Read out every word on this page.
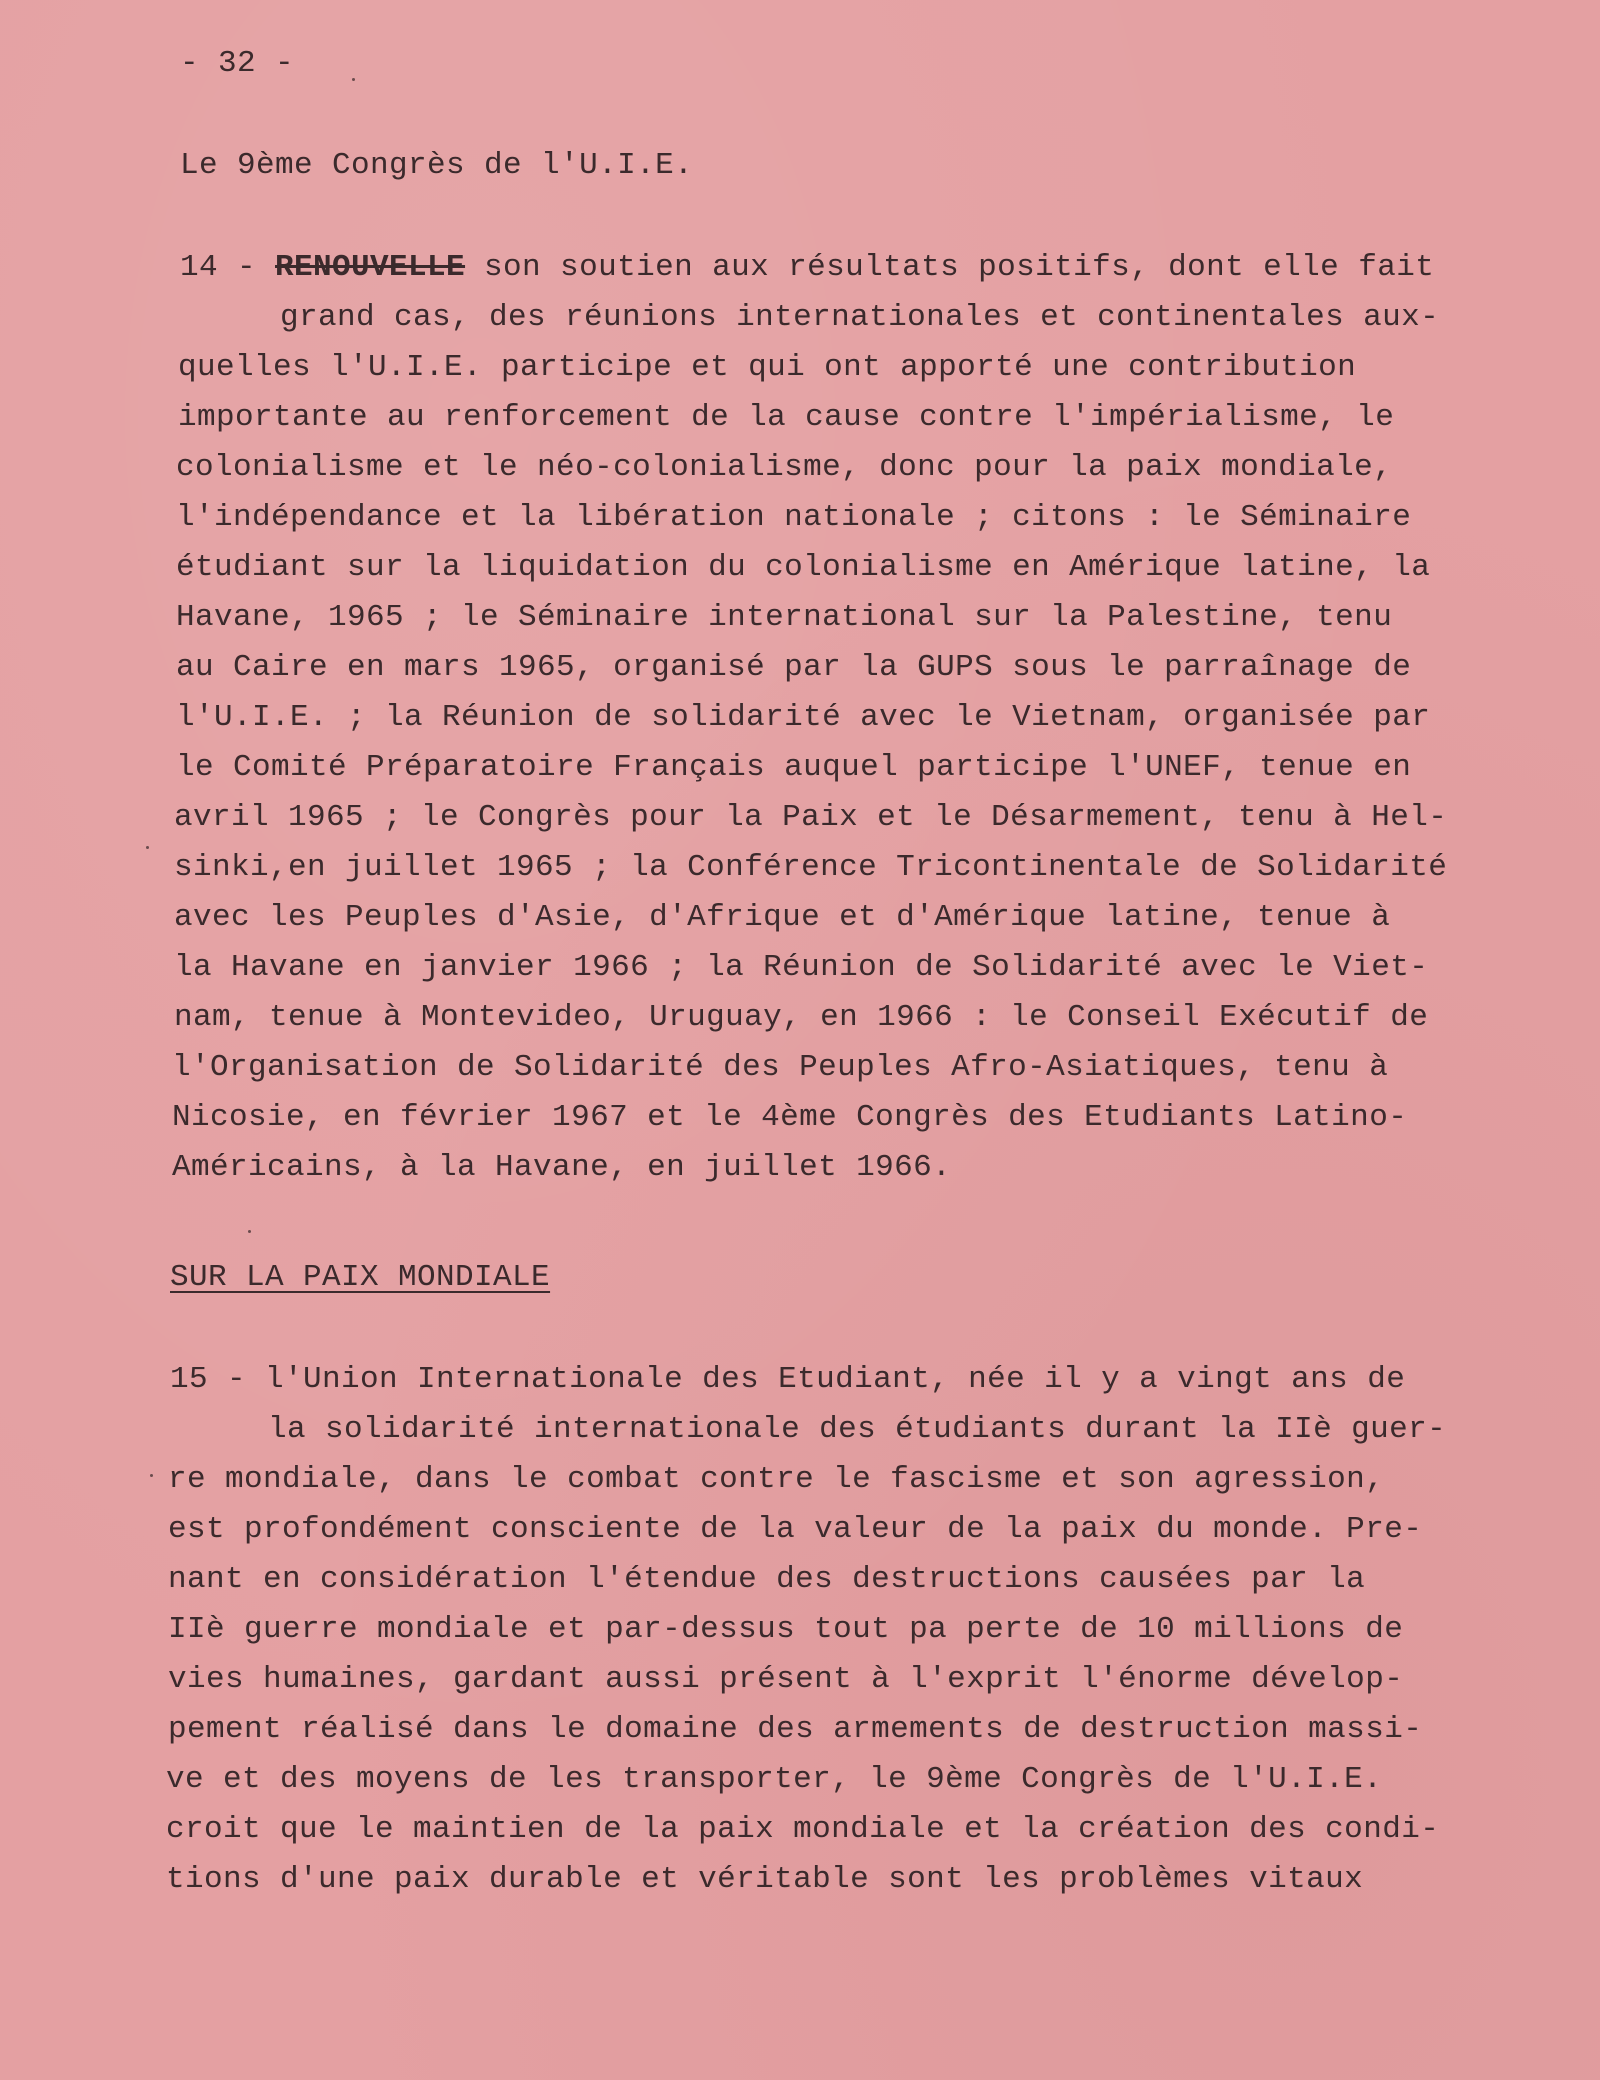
- 32 -
Le 9ème Congrès de l'U.I.E.
14 - RENOUVELLE son soutien aux résultats positifs, dont elle fait
grand cas, des réunions internationales et continentales aux-
quelles l'U.I.E. participe et qui ont apporté une contribution
importante au renforcement de la cause contre l'impérialisme, le
colonialisme et le néo-colonialisme, donc pour la paix mondiale,
l'indépendance et la libération nationale ; citons : le Séminaire
étudiant sur la liquidation du colonialisme en Amérique latine, la
Havane, 1965 ; le Séminaire international sur la Palestine, tenu
au Caire en mars 1965, organisé par la GUPS sous le parraînage de
l'U.I.E. ; la Réunion de solidarité avec le Vietnam, organisée par
le Comité Préparatoire Français auquel participe l'UNEF, tenue en
avril 1965 ; le Congrès pour la Paix et le Désarmement, tenu à Hel-
sinki,en juillet 1965 ; la Conférence Tricontinentale de Solidarité
avec les Peuples d'Asie, d'Afrique et d'Amérique latine, tenue à
la Havane en janvier 1966 ; la Réunion de Solidarité avec le Viet-
nam, tenue à Montevideo, Uruguay, en 1966 : le Conseil Exécutif de
l'Organisation de Solidarité des Peuples Afro-Asiatiques, tenu à
Nicosie, en février 1967 et le 4ème Congrès des Etudiants Latino-
Américains, à la Havane, en juillet 1966.
SUR LA PAIX MONDIALE
15 - l'Union Internationale des Etudiant, née il y a vingt ans de
la solidarité internationale des étudiants durant la IIè guer-
re mondiale, dans le combat contre le fascisme et son agression,
est profondément consciente de la valeur de la paix du monde. Pre-
nant en considération l'étendue des destructions causées par la
IIè guerre mondiale et par-dessus tout pa perte de 10 millions de
vies humaines, gardant aussi présent à l'exprit l'énorme dévelop-
pement réalisé dans le domaine des armements de destruction massi-
ve et des moyens de les transporter, le 9ème Congrès de l'U.I.E.
croit que le maintien de la paix mondiale et la création des condi-
tions d'une paix durable et véritable sont les problèmes vitaux
